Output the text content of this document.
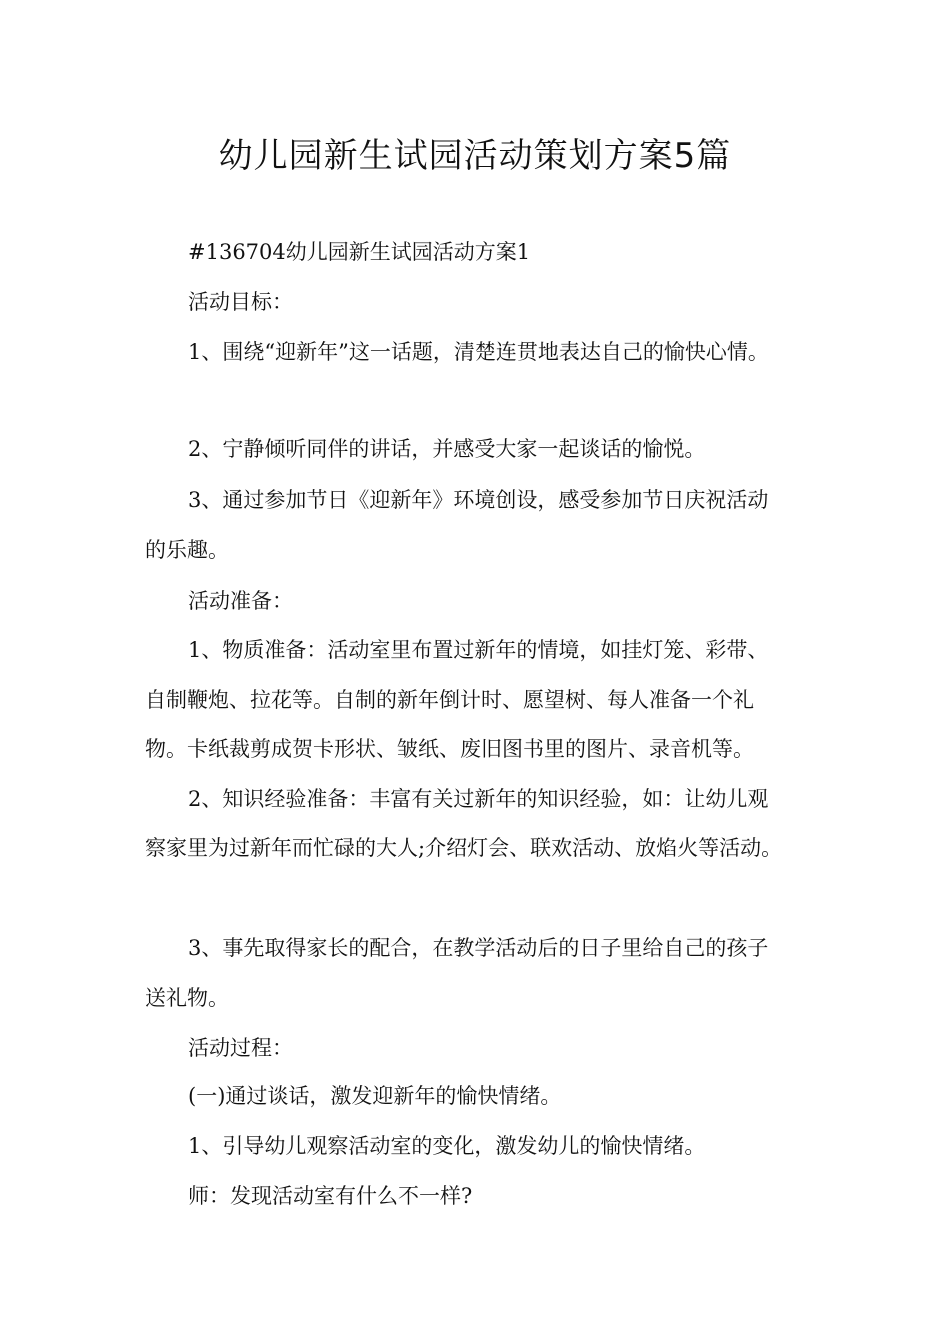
幼儿园新生试园活动策划方案5篇
#136704幼儿园新生试园活动方案1
活动目标：
1、围绕“迎新年”这一话题，清楚连贯地表达自己的愉快心情。
2、宁静倾听同伴的讲话，并感受大家一起谈话的愉悦。
3、通过参加节日《迎新年》环境创设，感受参加节日庆祝活动
的乐趣。
活动准备：
1、物质准备：活动室里布置过新年的情境，如挂灯笼、彩带、
自制鞭炮、拉花等。自制的新年倒计时、愿望树、每人准备一个礼
物。卡纸裁剪成贺卡形状、皱纸、废旧图书里的图片、录音机等。
2、知识经验准备：丰富有关过新年的知识经验，如：让幼儿观
察家里为过新年而忙碌的大人;介绍灯会、联欢活动、放焰火等活动。
3、事先取得家长的配合，在教学活动后的日子里给自己的孩子
送礼物。
活动过程：
(一)通过谈话，激发迎新年的愉快情绪。
1、引导幼儿观察活动室的变化，激发幼儿的愉快情绪。
师：发现活动室有什么不一样?
